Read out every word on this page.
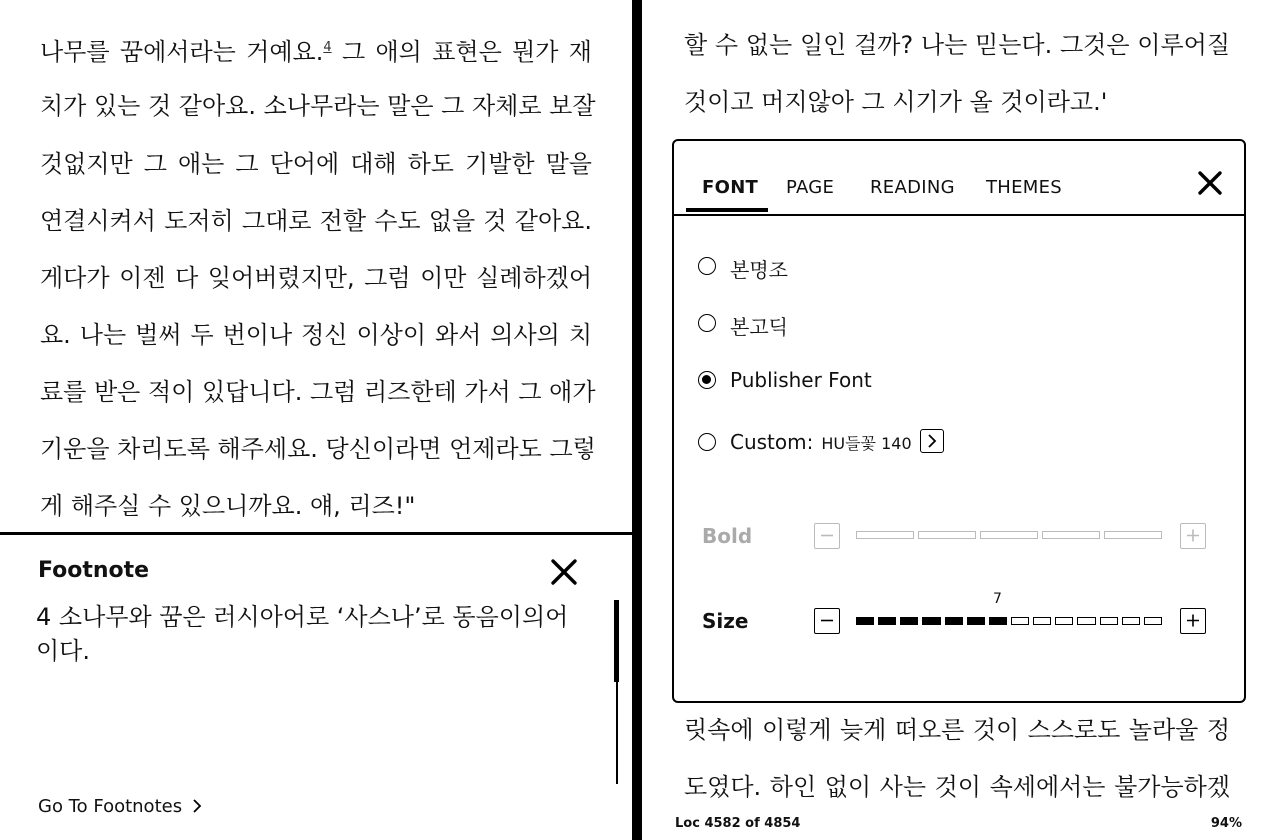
나무를 꿈에서라는 거예요.$^4$ 그 애의 표현은 뭔가 재
치가 있는 것 같아요. 소나무라는 말은 그 자체로 보잘
것없지만 그 애는 그 단어에 대해 하도 기발한 말을
연결시켜서 도저히 그대로 전할 수도 없을 것 같아요.
게다가 이젠 다 잊어버렸지만, 그럼 이만 실례하겠어
요. 나는 벌써 두 번이나 정신 이상이 와서 의사의 치
료를 받은 적이 있답니다. 그럼 리즈한테 가서 그 애가
기운을 차리도록 해주세요. 당신이라면 언제라도 그렇
게 해주실 수 있으니까요. 얘, 리즈!"
Footnote
4 소나무와 꿈은 러시아어로 ‘사스나’로 동음이의어이다.
Go To Footnotes
할 수 없는 일인 걸까? 나는 믿는다. 그것은 이루어질
것이고 머지않아 그 시기가 올 것이라고.'
FONT PAGE READING THEMES
본명조
본고딕
Publisher Font
Custom: HU들꽃 140
Bold
7
Size
릿속에 이렇게 늦게 떠오른 것이 스스로도 놀라울 정
도였다. 하인 없이 사는 것이 속세에서는 불가능하겠
Loc 4582 of 4854	94%
